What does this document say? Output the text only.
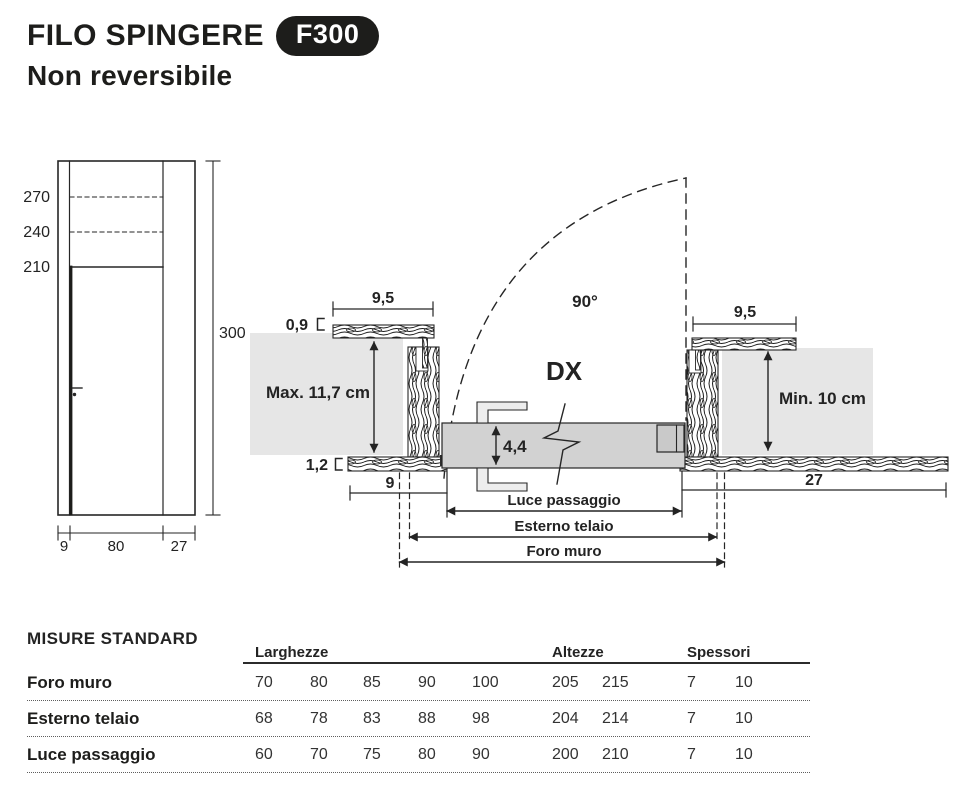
FILO SPINGERE	F300
Non reversibile
270
240
210
300
9	80	27
9,5
0,9
Max. 11,7 cm
1,2
9
4,4
90°
DX
9,5
Min. 10 cm
27
Luce passaggio
Esterno telaio
Foro muro
MISURE STANDARD
Larghezze	Altezze	Spessori
Foro muro	70	80	85	90	100	205	215	7	10
Esterno telaio	68	78	83	88	98	204	214	7	10
Luce passaggio	60	70	75	80	90	200	210	7	10
